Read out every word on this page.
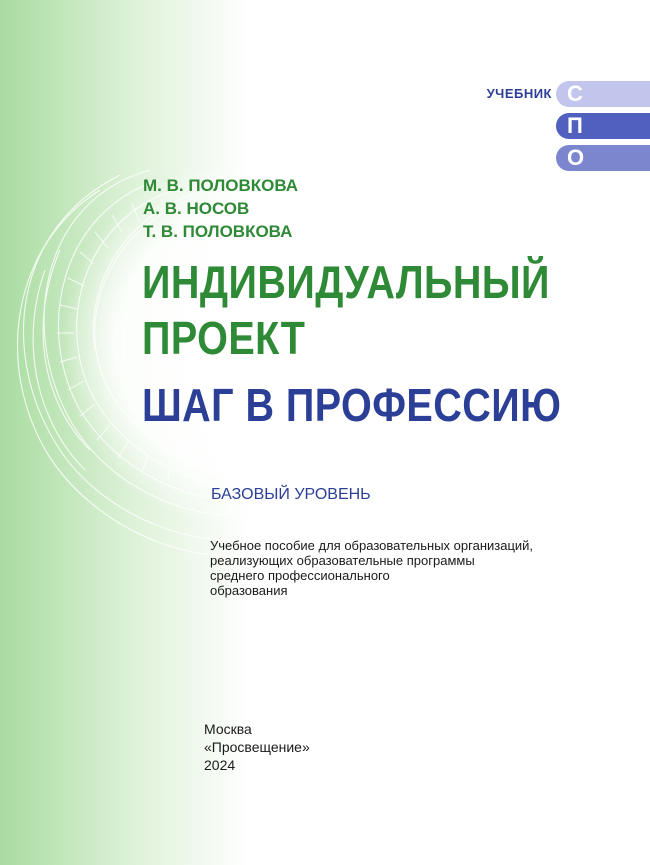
УЧЕБНИК С
П
О
М. В. ПОЛОВКОВА
А. В. НОСОВ
Т. В. ПОЛОВКОВА
ИНДИВИДУАЛЬНЫЙ
ПРОЕКТ
ШАГ В ПРОФЕССИЮ
БАЗОВЫЙ УРОВЕНЬ
Учебное пособие для образовательных организаций,
реализующих образовательные программы
среднего профессионального
образования
Москва
«Просвещение»
2024
